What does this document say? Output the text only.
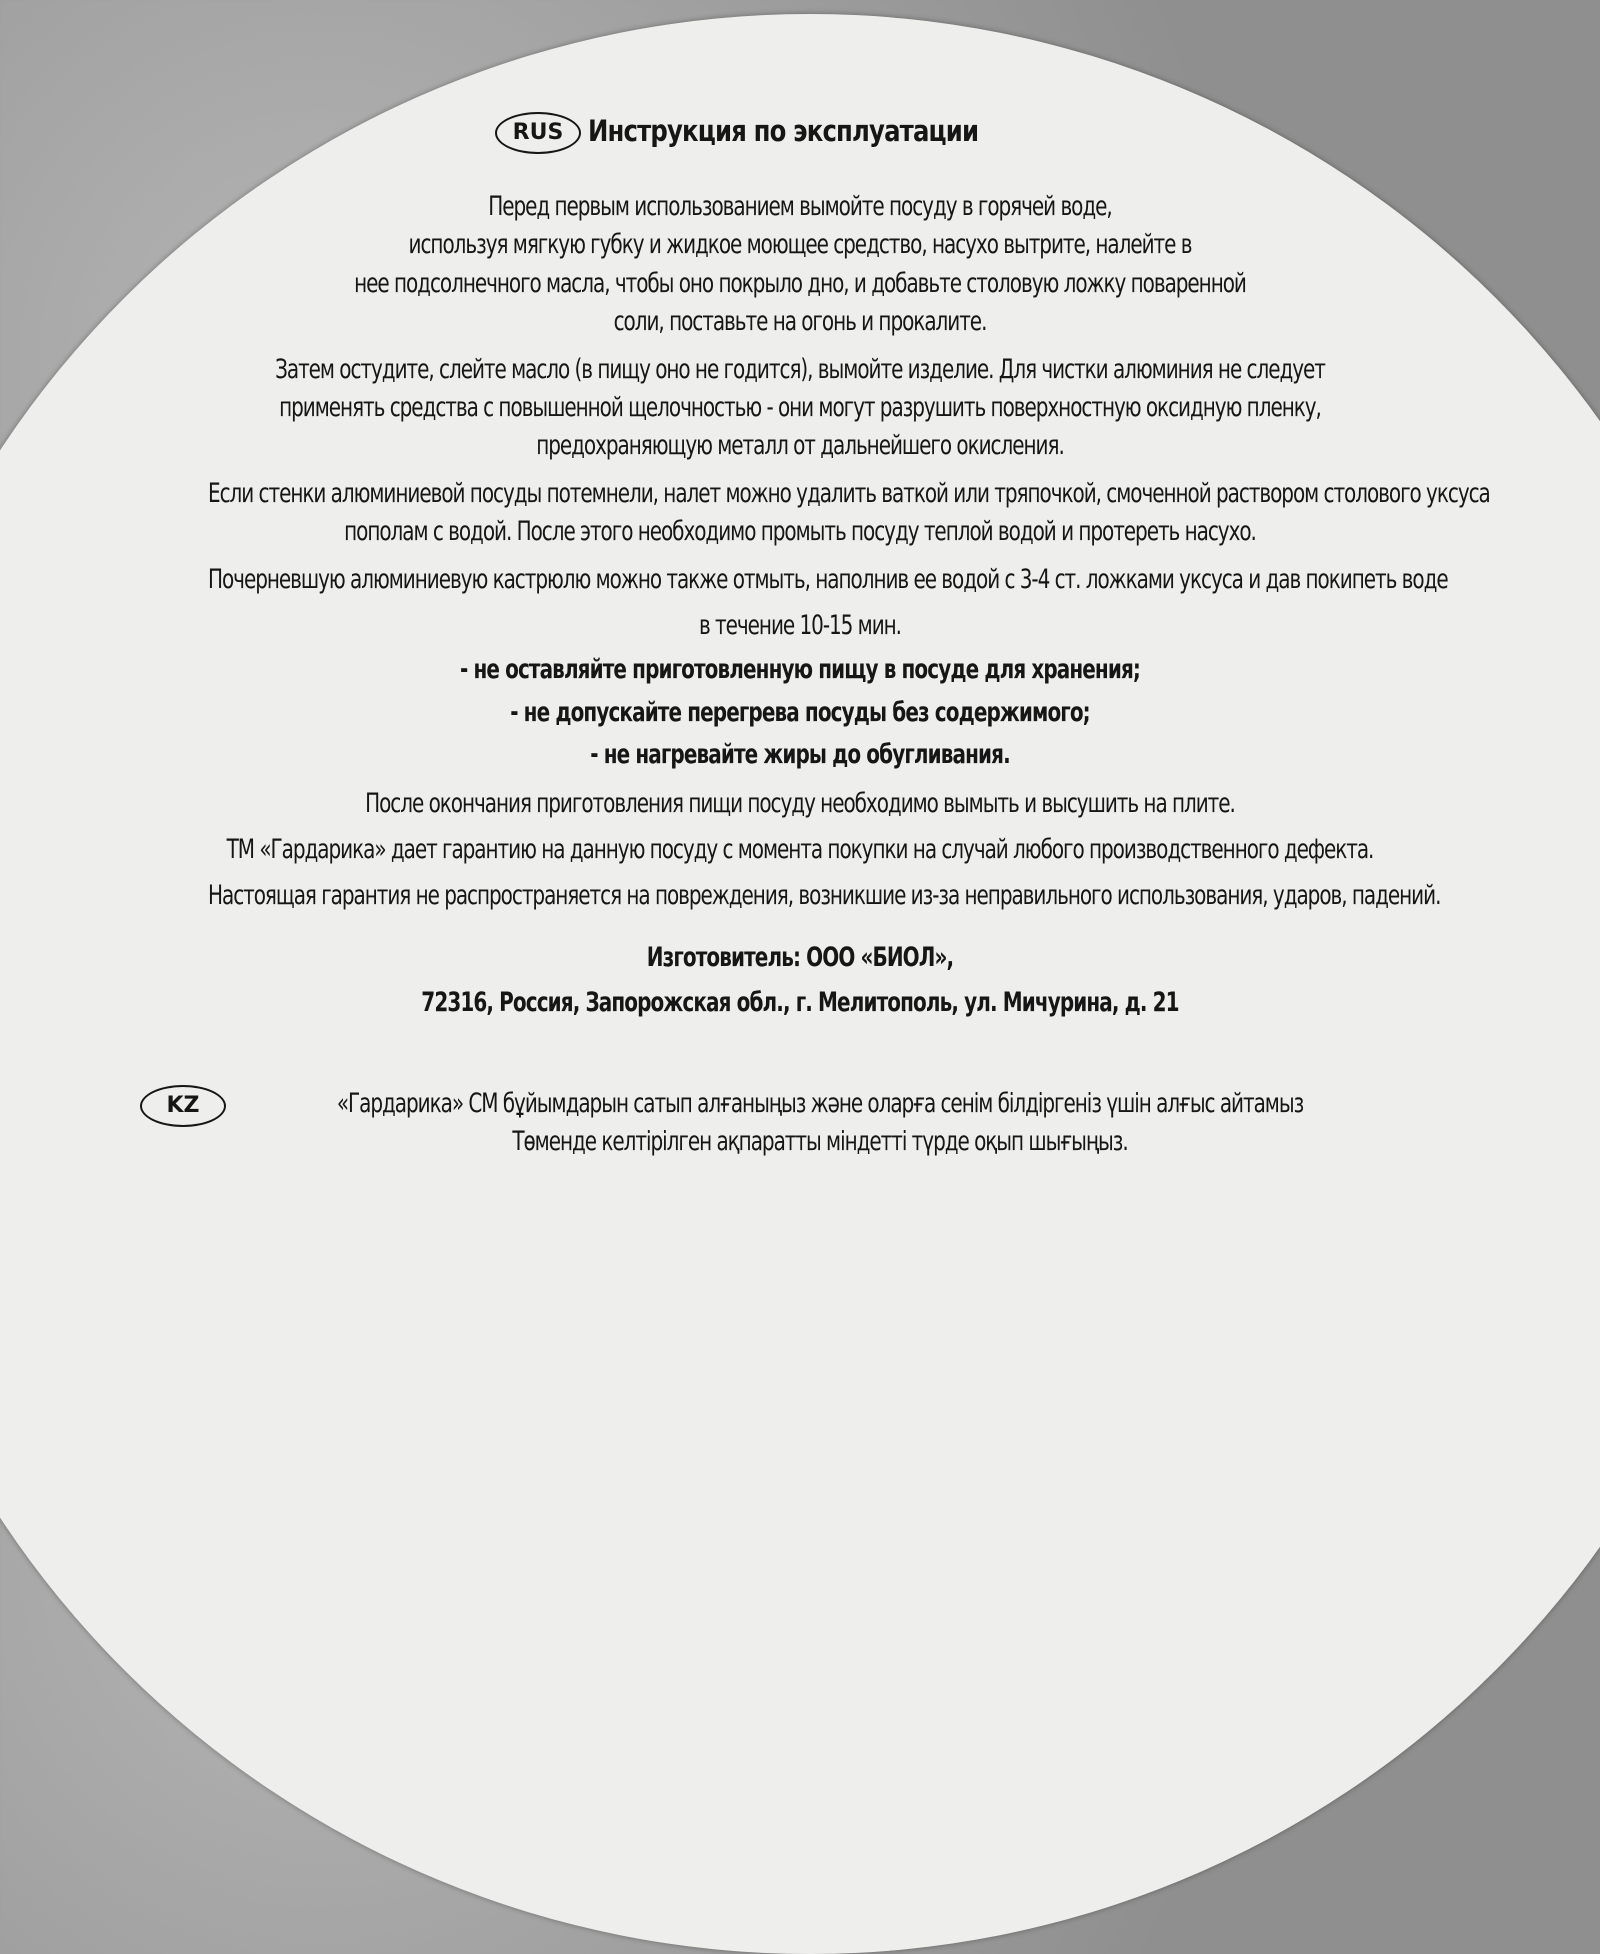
RUS Инструкция по эксплуатации
Перед первым использованием вымойте посуду в горячей воде,
используя мягкую губку и жидкое моющее средство, насухо вытрите, налейте в
нее подсолнечного масла, чтобы оно покрыло дно, и добавьте столовую ложку поваренной
соли, поставьте на огонь и прокалите.
Затем остудите, слейте масло (в пищу оно не годится), вымойте изделие. Для чистки алюминия не следует
применять средства с повышенной щелочностью - они могут разрушить поверхностную оксидную пленку,
предохраняющую металл от дальнейшего окисления.
Если стенки алюминиевой посуды потемнели, налет можно удалить ваткой или тряпочкой, смоченной раствором столового уксуса
пополам с водой. После этого необходимо промыть посуду теплой водой и протереть насухо.
Почерневшую алюминиевую кастрюлю можно также отмыть, наполнив ее водой с 3-4 ст. ложками уксуса и дав покипеть воде
в течение 10-15 мин.
- не оставляйте приготовленную пищу в посуде для хранения;
- не допускайте перегрева посуды без содержимого;
- не нагревайте жиры до обугливания.
После окончания приготовления пищи посуду необходимо вымыть и высушить на плите.
ТМ «Гардарика» дает гарантию на данную посуду с момента покупки на случай любого производственного дефекта.
Настоящая гарантия не распространяется на повреждения, возникшие из-за неправильного использования, ударов, падений.
Изготовитель: ООО «БИОЛ»,
72316, Россия, Запорожская обл., г. Мелитополь, ул. Мичурина, д. 21
KZ	«Гардарика» СМ бұйымдарын сатып алғаныңыз және оларға сенім білдіргеніз үшін алғыс айтамыз
Төменде келтірілген ақпаратты міндетті түрде оқып шығыңыз.
